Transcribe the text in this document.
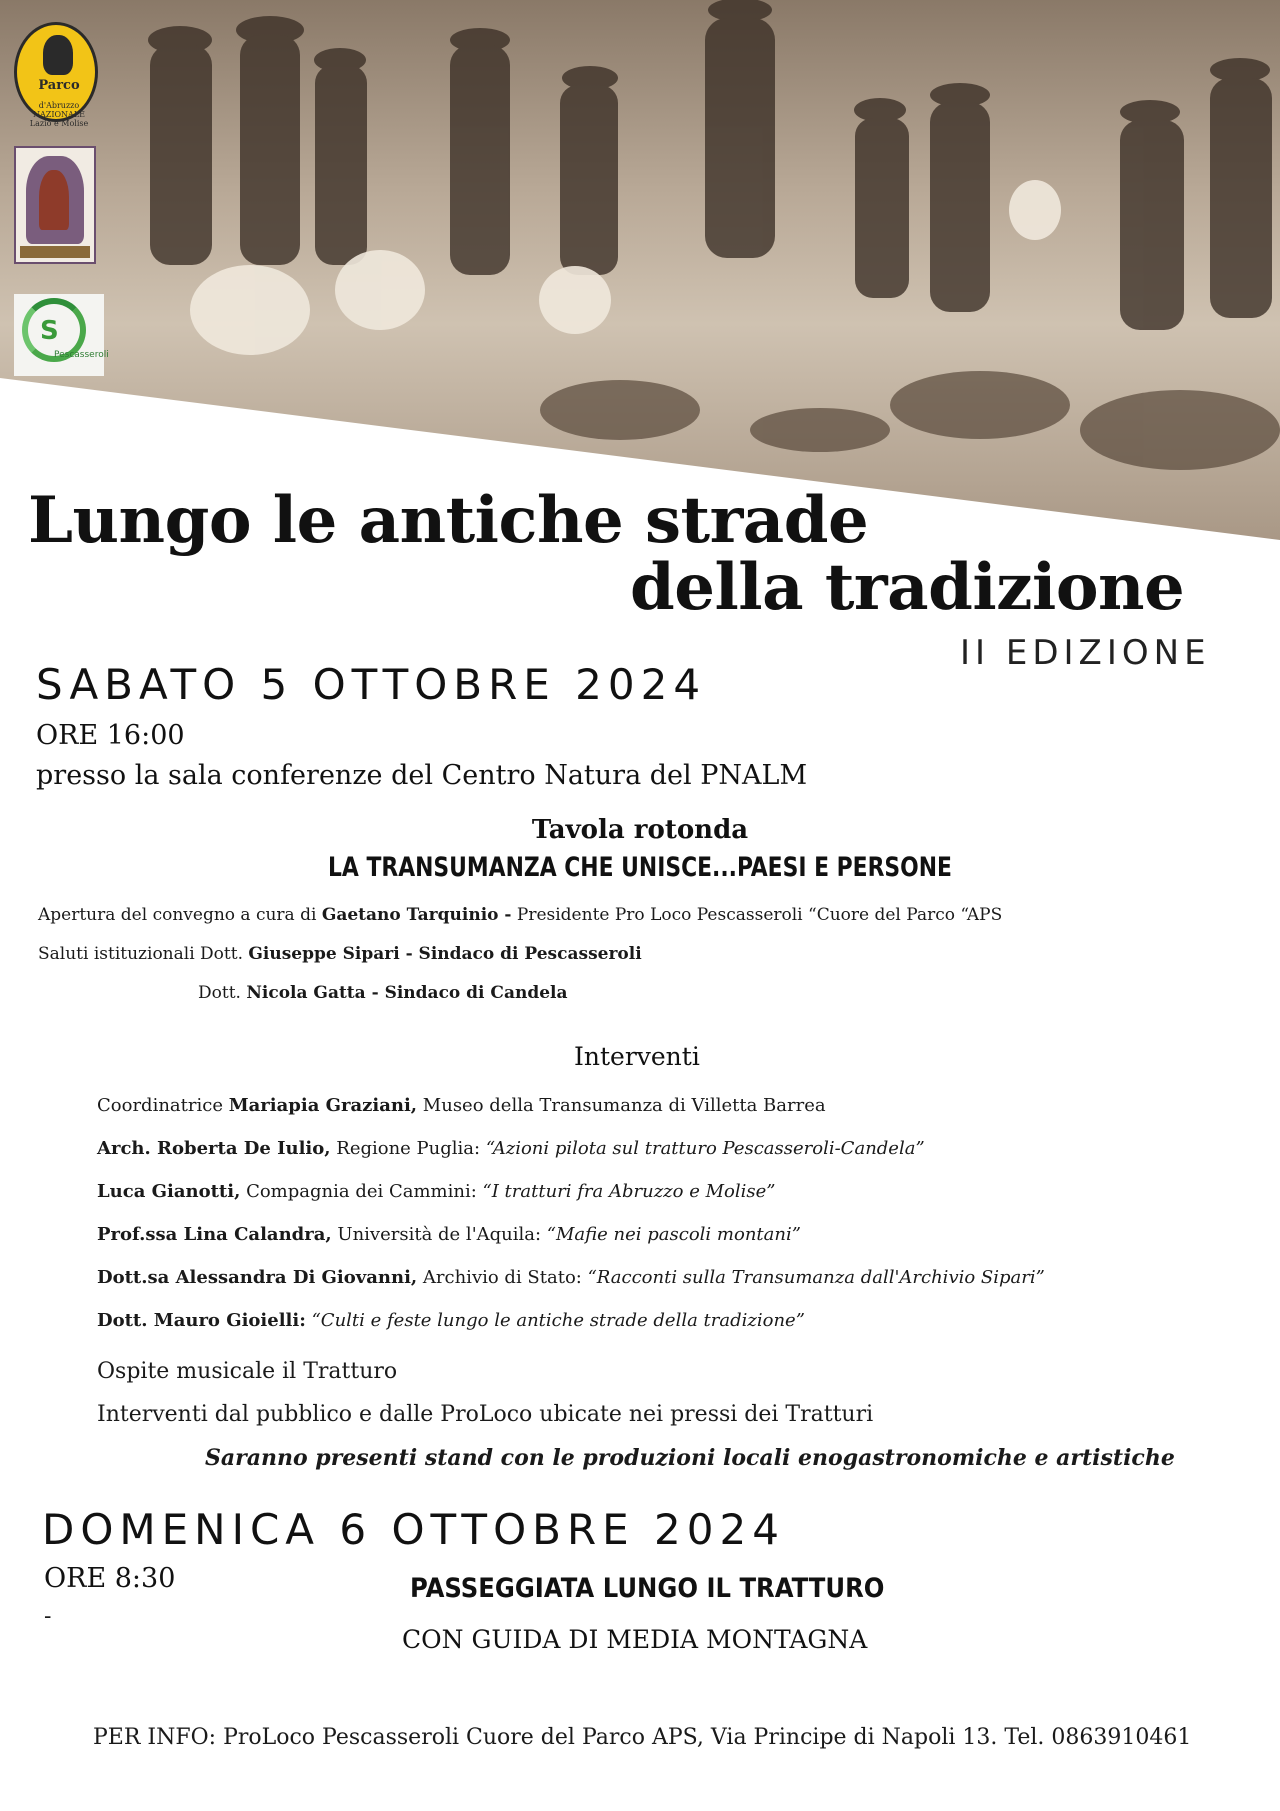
Parco
d'Abruzzo
NAZIONALE
Lazio e Molise
S
Pescasseroli
Lungo le antiche strade
della tradizione
II EDIZIONE
SABATO 5 OTTOBRE 2024
ORE 16:00
presso la sala conferenze del Centro Natura del PNALM
Tavola rotonda
LA TRANSUMANZA CHE UNISCE...PAESI E PERSONE
Apertura del convegno a cura di Gaetano Tarquinio - Presidente Pro Loco Pescasseroli “Cuore del Parco “APS
Saluti istituzionali Dott. Giuseppe Sipari - Sindaco di Pescasseroli
Dott. Nicola Gatta - Sindaco di Candela
Interventi
Coordinatrice Mariapia Graziani, Museo della Transumanza di Villetta Barrea
Arch. Roberta De Iulio, Regione Puglia: “Azioni pilota sul tratturo Pescasseroli-Candela”
Luca Gianotti, Compagnia dei Cammini: “I tratturi fra Abruzzo e Molise”
Prof.ssa Lina Calandra, Università de l'Aquila: “Mafie nei pascoli montani”
Dott.sa Alessandra Di Giovanni, Archivio di Stato: “Racconti sulla Transumanza dall'Archivio Sipari”
Dott. Mauro Gioielli: “Culti e feste lungo le antiche strade della tradizione”
Ospite musicale il Tratturo
Interventi dal pubblico e dalle ProLoco ubicate nei pressi dei Tratturi
Saranno presenti stand con le produzioni locali enogastronomiche e artistiche
DOMENICA 6 OTTOBRE 2024
ORE 8:30
-
PASSEGGIATA LUNGO IL TRATTURO
CON GUIDA DI MEDIA MONTAGNA
PER INFO: ProLoco Pescasseroli Cuore del Parco APS, Via Principe di Napoli 13. Tel. 0863910461
